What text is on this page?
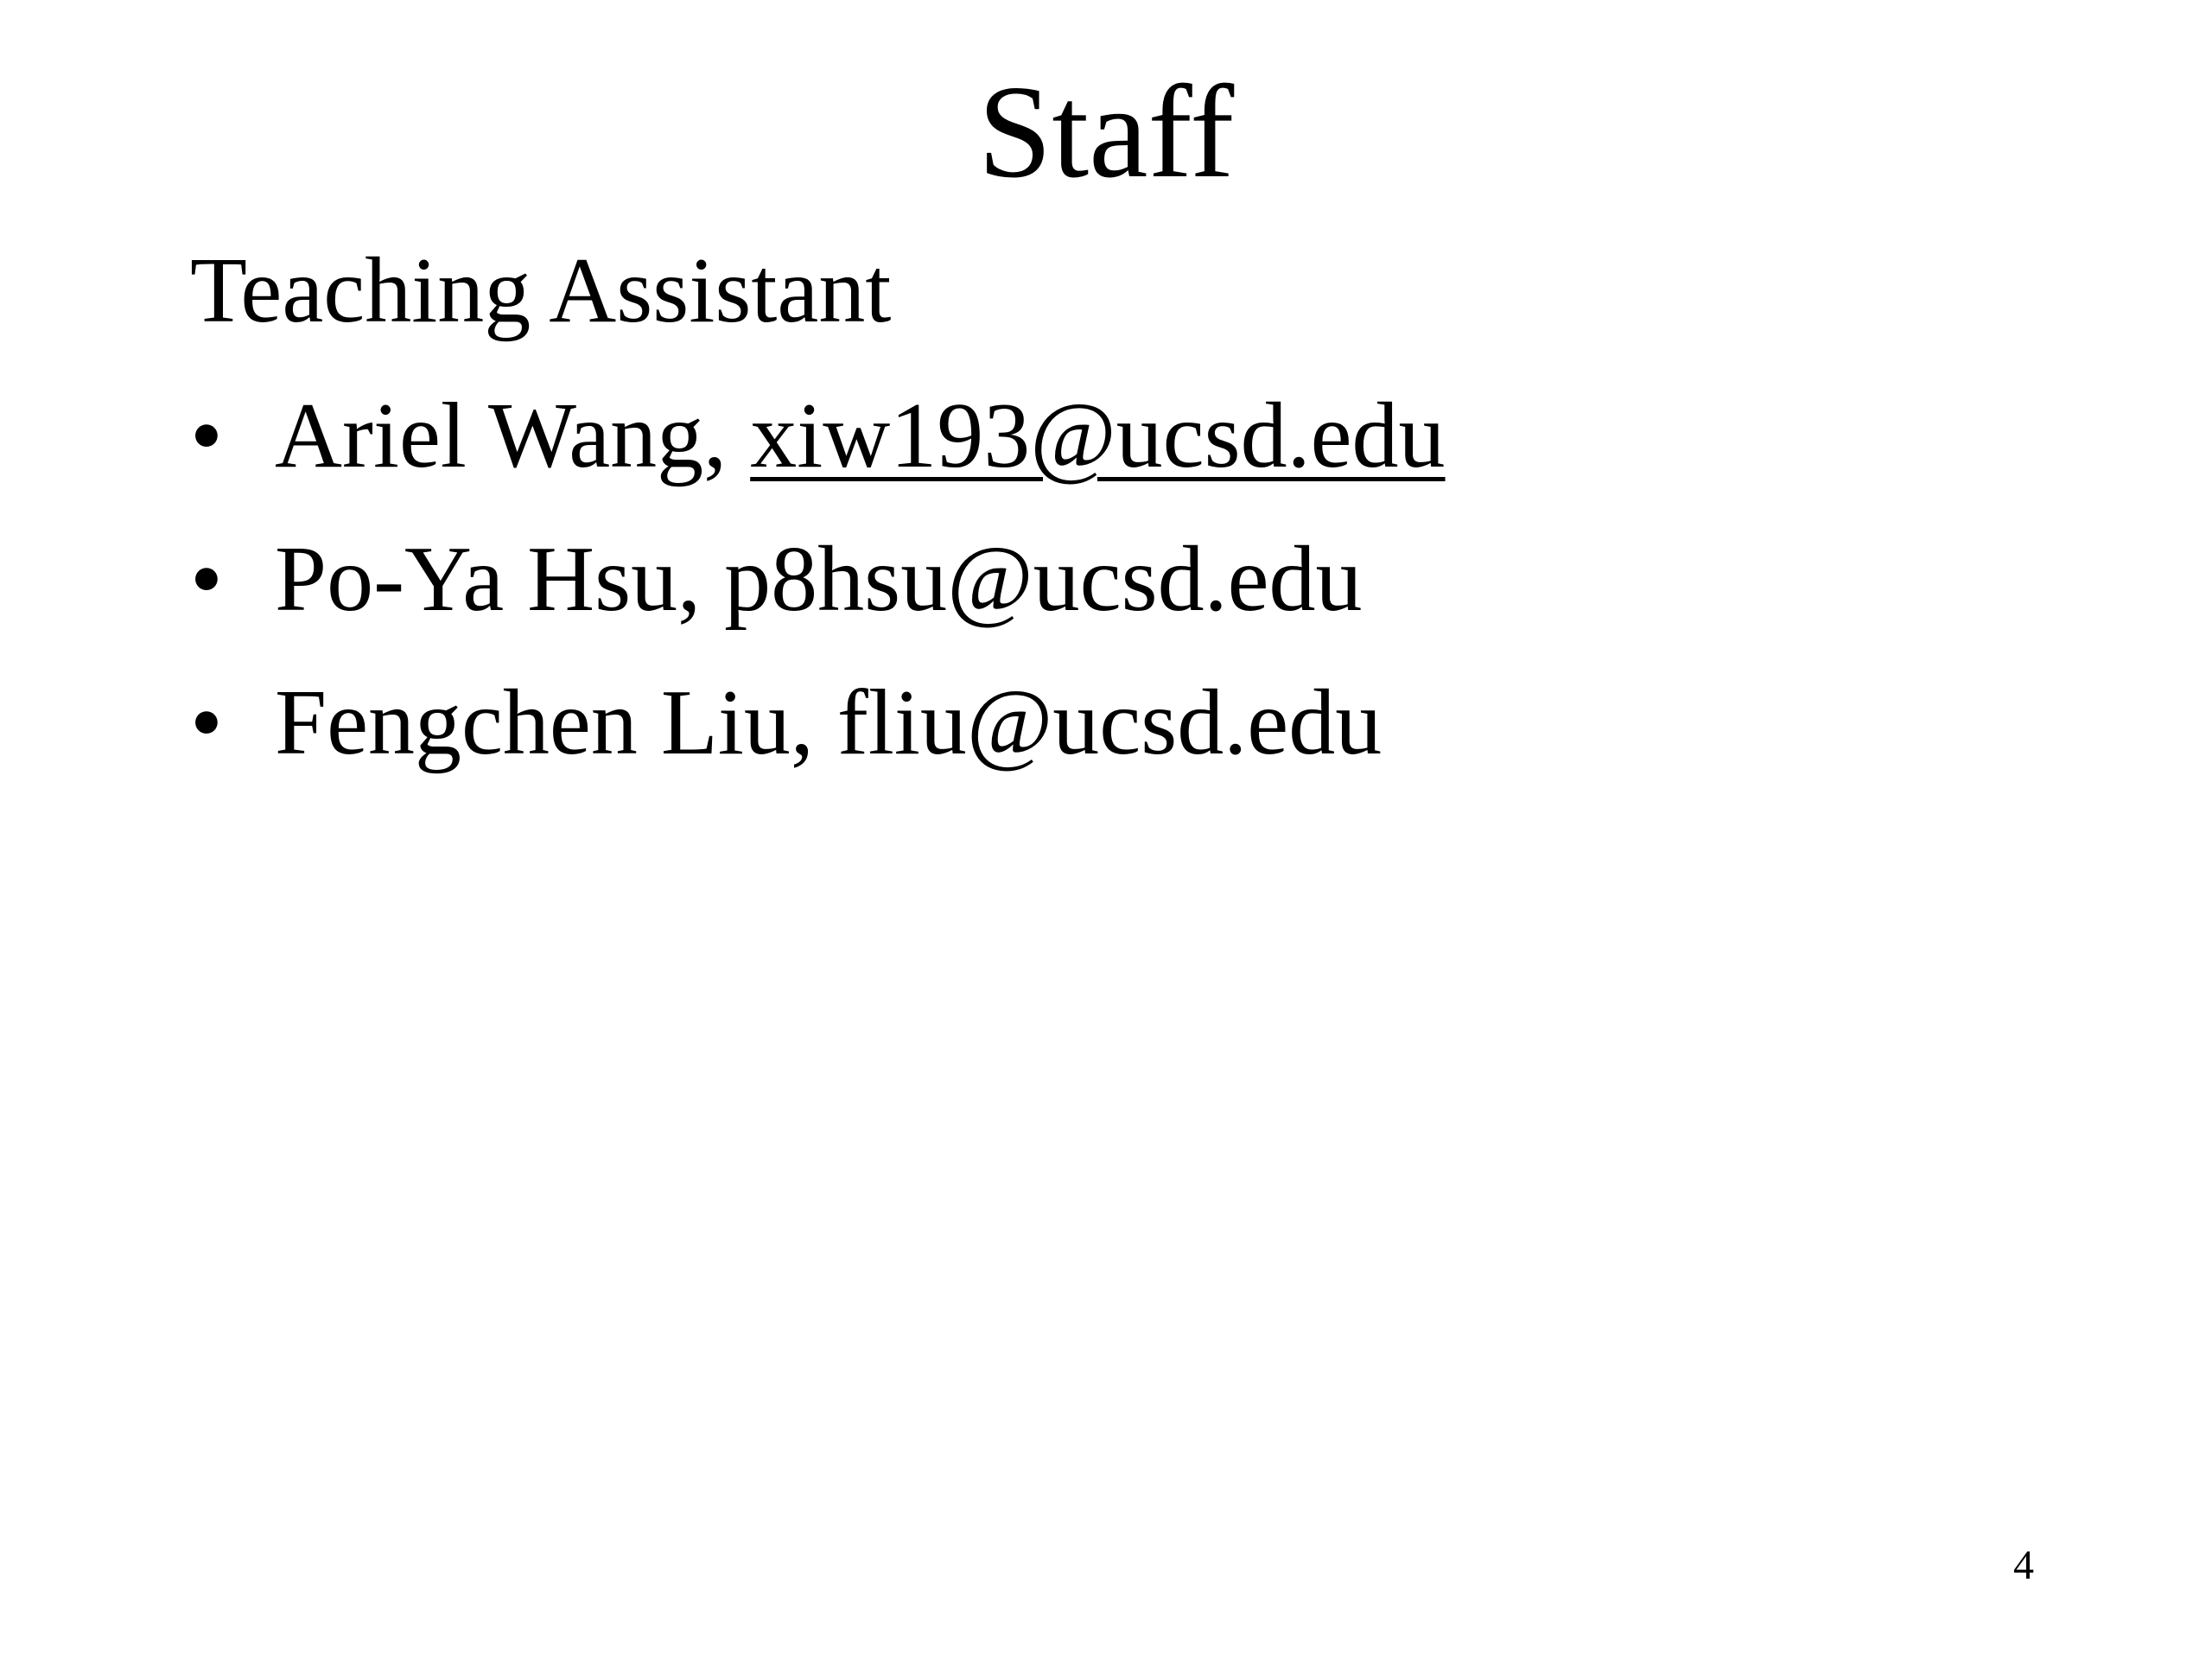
Staff
Teaching Assistant
• Ariel Wang, xiw193@ucsd.edu
• Po-Ya Hsu, p8hsu@ucsd.edu
• Fengchen Liu, fliu@ucsd.edu
4
